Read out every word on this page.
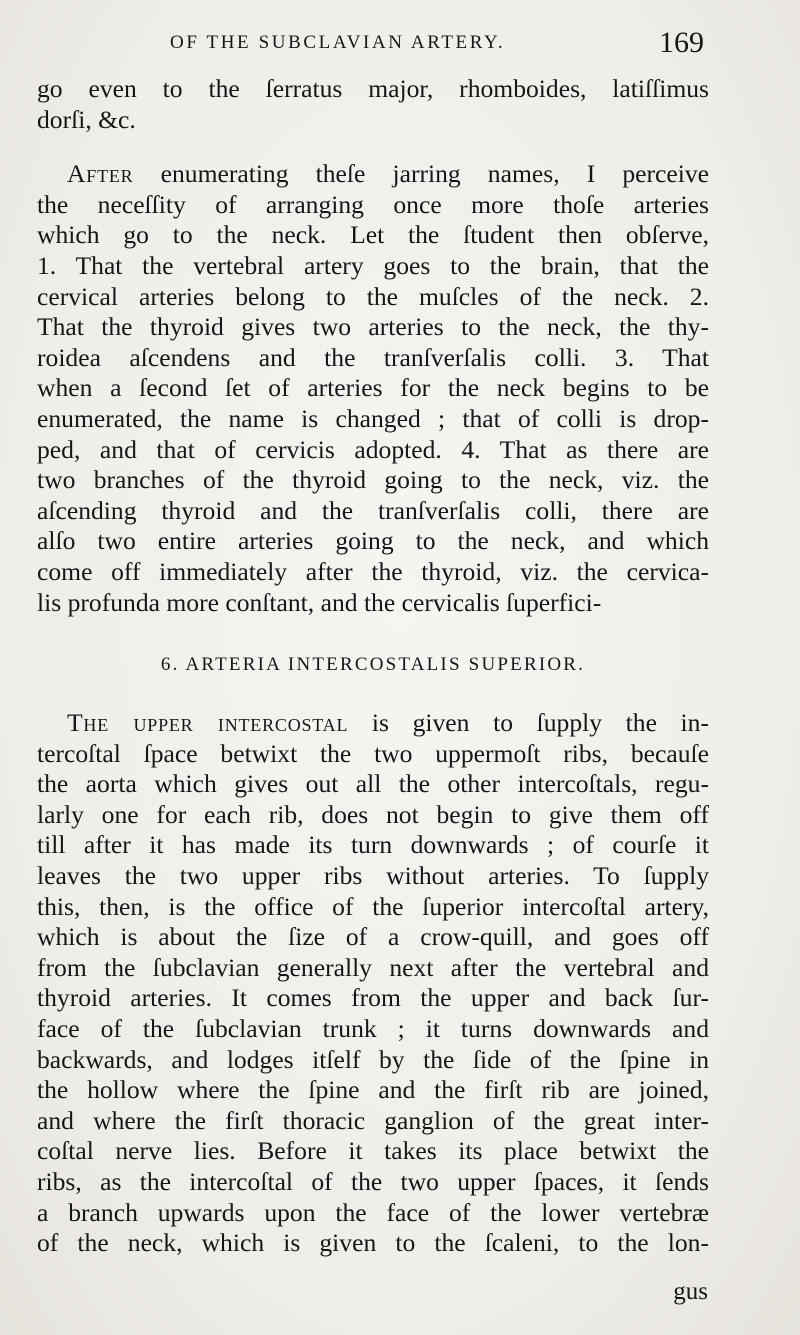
OF THE SUBCLAVIAN ARTERY.	169
go even to the ſerratus major, rhomboides, latiſſimus
dorſi, &c.
After enumerating theſe jarring names, I perceive
the neceſſity of arranging once more thoſe arteries
which go to the neck. Let the ſtudent then obſerve,
1. That the vertebral artery goes to the brain, that the
cervical arteries belong to the muſcles of the neck. 2.
That the thyroid gives two arteries to the neck, the thy-
roidea aſcendens and the tranſverſalis colli. 3. That
when a ſecond ſet of arteries for the neck begins to be
enumerated, the name is changed ; that of colli is drop-
ped, and that of cervicis adopted. 4. That as there are
two branches of the thyroid going to the neck, viz. the
aſcending thyroid and the tranſverſalis colli, there are
alſo two entire arteries going to the neck, and which
come off immediately after the thyroid, viz. the cervica-
lis profunda more conſtant, and the cervicalis ſuperfici-
6. ARTERIA INTERCOSTALIS SUPERIOR.
The upper intercostal is given to ſupply the in-
tercoſtal ſpace betwixt the two uppermoſt ribs, becauſe
the aorta which gives out all the other intercoſtals, regu-
larly one for each rib, does not begin to give them off
till after it has made its turn downwards ; of courſe it
leaves the two upper ribs without arteries. To ſupply
this, then, is the office of the ſuperior intercoſtal artery,
which is about the ſize of a crow-quill, and goes off
from the ſubclavian generally next after the vertebral and
thyroid arteries. It comes from the upper and back ſur-
face of the ſubclavian trunk ; it turns downwards and
backwards, and lodges itſelf by the ſide of the ſpine in
the hollow where the ſpine and the firſt rib are joined,
and where the firſt thoracic ganglion of the great inter-
coſtal nerve lies. Before it takes its place betwixt the
ribs, as the intercoſtal of the two upper ſpaces, it ſends
a branch upwards upon the face of the lower vertebræ
of the neck, which is given to the ſcaleni, to the lon-
gus
